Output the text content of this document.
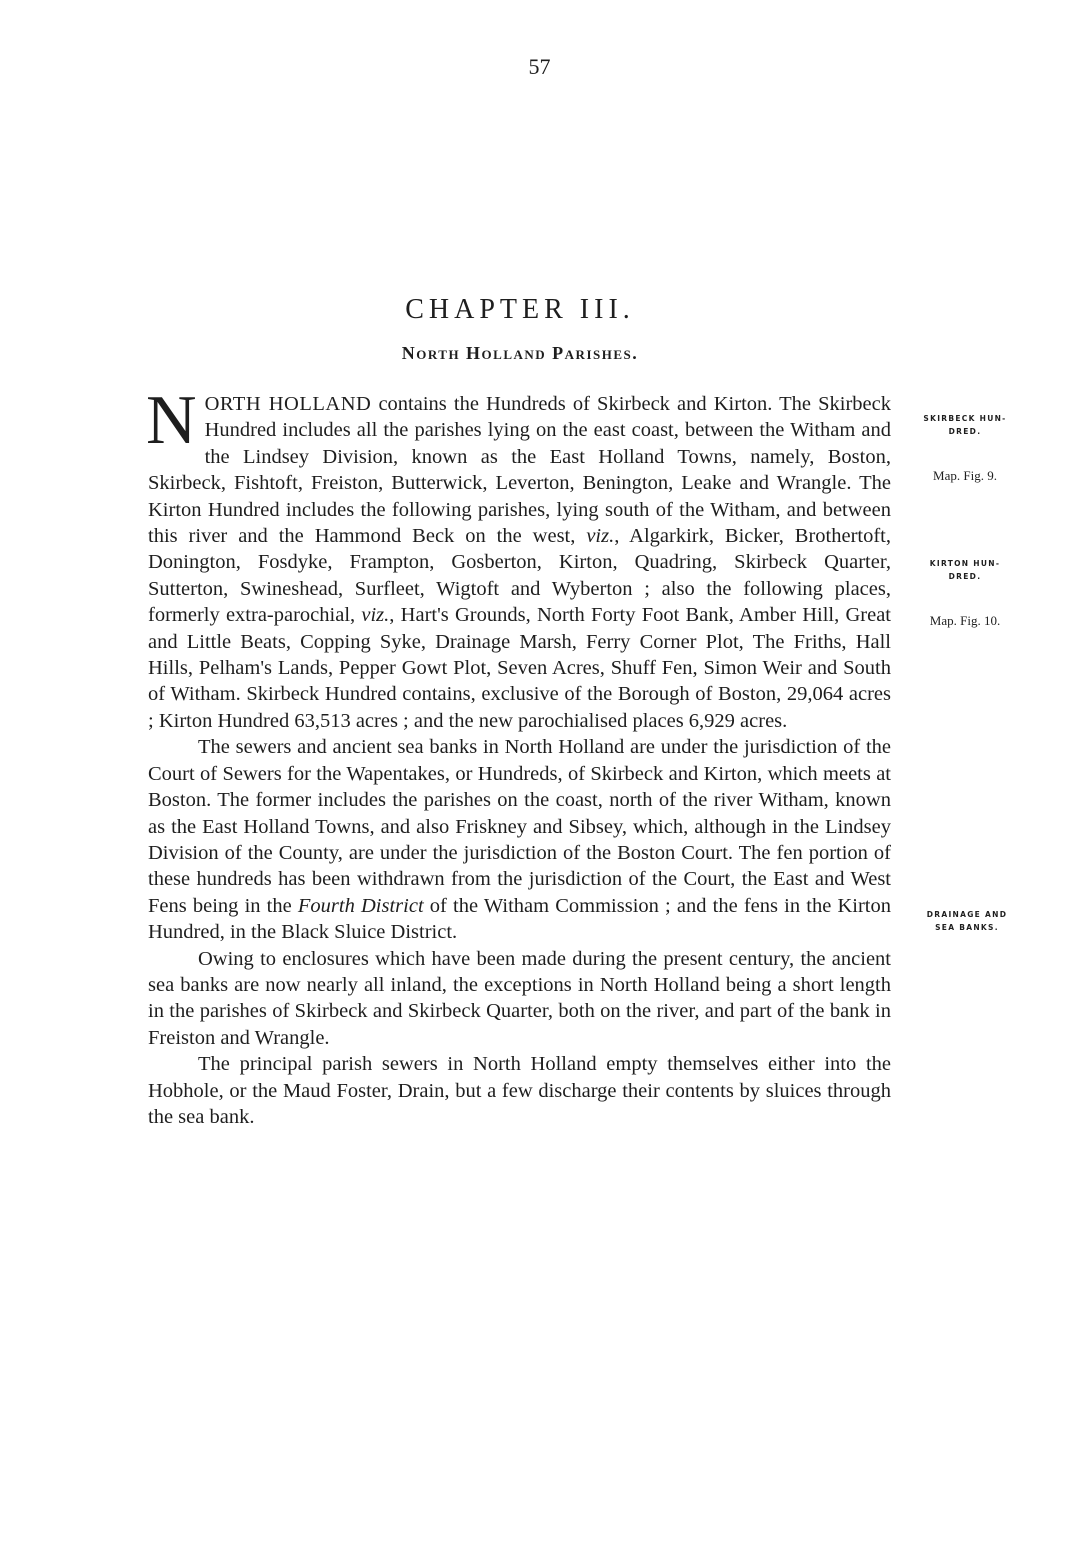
57
CHAPTER III.
North Holland Parishes.

NORTH HOLLAND contains the Hundreds of Skirbeck and Kirton. The Skirbeck Hundred includes all the parishes lying on the east coast, between the Witham and the Lindsey Division, known as the East Holland Towns, namely, Boston, Skirbeck, Fishtoft, Freiston, Butterwick, Leverton, Benington, Leake and Wrangle. The Kirton Hundred includes the following parishes, lying south of the Witham, and between this river and the Hammond Beck on the west, viz., Algarkirk, Bicker, Brothertoft, Donington, Fosdyke, Frampton, Gosberton, Kirton, Quadring, Skirbeck Quarter, Sutterton, Swineshead, Surfleet, Wigtoft and Wyberton ; also the following places, formerly extra-parochial, viz., Hart's Grounds, North Forty Foot Bank, Amber Hill, Great and Little Beats, Copping Syke, Drainage Marsh, Ferry Corner Plot, The Friths, Hall Hills, Pelham's Lands, Pepper Gowt Plot, Seven Acres, Shuff Fen, Simon Weir and South of Witham. Skirbeck Hundred contains, exclusive of the Borough of Boston, 29,064 acres ; Kirton Hundred 63,513 acres ; and the new parochialised places 6,929 acres.

The sewers and ancient sea banks in North Holland are under the jurisdiction of the Court of Sewers for the Wapentakes, or Hundreds, of Skirbeck and Kirton, which meets at Boston. The former includes the parishes on the coast, north of the river Witham, known as the East Holland Towns, and also Friskney and Sibsey, which, although in the Lindsey Division of the County, are under the jurisdiction of the Boston Court. The fen portion of these hundreds has been withdrawn from the jurisdiction of the Court, the East and West Fens being in the Fourth District of the Witham Commission ; and the fens in the Kirton Hundred, in the Black Sluice District.

Owing to enclosures which have been made during the present century, the ancient sea banks are now nearly all inland, the exceptions in North Holland being a short length in the parishes of Skirbeck and Skirbeck Quarter, both on the river, and part of the bank in Freiston and Wrangle.

The principal parish sewers in North Holland empty themselves either into the Hobhole, or the Maud Foster, Drain, but a few discharge their contents by sluices through the sea bank.

SKIRBECK HUN-
DRED.
Map. Fig. 9.
KIRTON HUN-
DRED.
Map. Fig. 10.
DRAINAGE AND
SEA BANKS.
